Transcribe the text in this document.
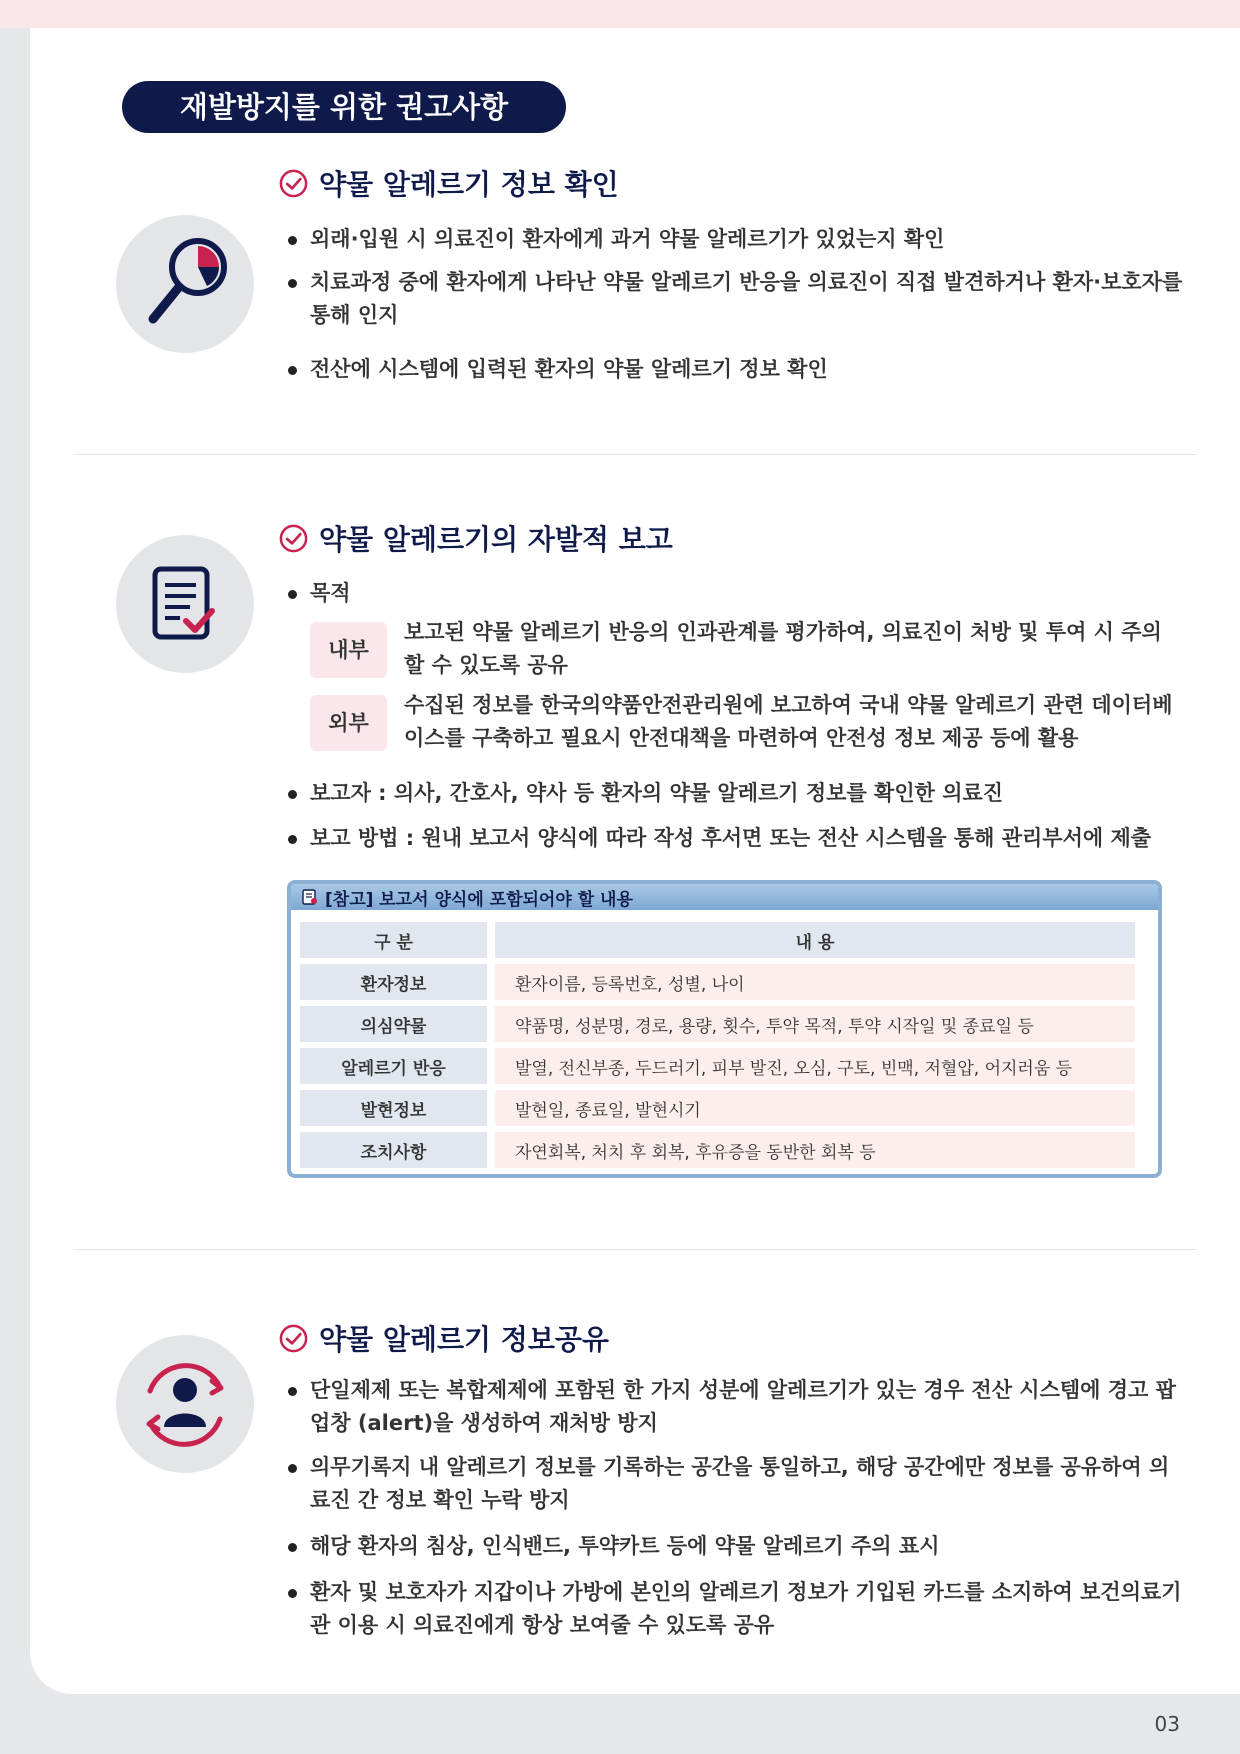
재발방지를 위한 권고사항
약물 알레르기 정보 확인
외래·입원 시 의료진이 환자에게 과거 약물 알레르기가 있었는지 확인
치료과정 중에 환자에게 나타난 약물 알레르기 반응을 의료진이 직접 발견하거나 환자·보호자를 통해 인지
전산에 시스템에 입력된 환자의 약물 알레르기 정보 확인
약물 알레르기의 자발적 보고
목적
내부
보고된 약물 알레르기 반응의 인과관계를 평가하여, 의료진이 처방 및 투여 시 주의할 수 있도록 공유
외부
수집된 정보를 한국의약품안전관리원에 보고하여 국내 약물 알레르기 관련 데이터베이스를 구축하고 필요시 안전대책을 마련하여 안전성 정보 제공 등에 활용
보고자 : 의사, 간호사, 약사 등 환자의 약물 알레르기 정보를 확인한 의료진
보고 방법 : 원내 보고서 양식에 따라 작성 후서면 또는 전산 시스템을 통해 관리부서에 제출
[참고] 보고서 양식에 포함되어야 할 내용
구 분	내 용
환자정보	환자이름, 등록번호, 성별, 나이
의심약물	약품명, 성분명, 경로, 용량, 횟수, 투약 목적, 투약 시작일 및 종료일 등
알레르기 반응	발열, 전신부종, 두드러기, 피부 발진, 오심, 구토, 빈맥, 저혈압, 어지러움 등
발현정보	발현일, 종료일, 발현시기
조치사항	자연회복, 처치 후 회복, 후유증을 동반한 회복 등
약물 알레르기 정보공유
단일제제 또는 복합제제에 포함된 한 가지 성분에 알레르기가 있는 경우 전산 시스템에 경고 팝업창 (alert)을 생성하여 재처방 방지
의무기록지 내 알레르기 정보를 기록하는 공간을 통일하고, 해당 공간에만 정보를 공유하여 의료진 간 정보 확인 누락 방지
해당 환자의 침상, 인식밴드, 투약카트 등에 약물 알레르기 주의 표시
환자 및 보호자가 지갑이나 가방에 본인의 알레르기 정보가 기입된 카드를 소지하여 보건의료기관 이용 시 의료진에게 항상 보여줄 수 있도록 공유
03
